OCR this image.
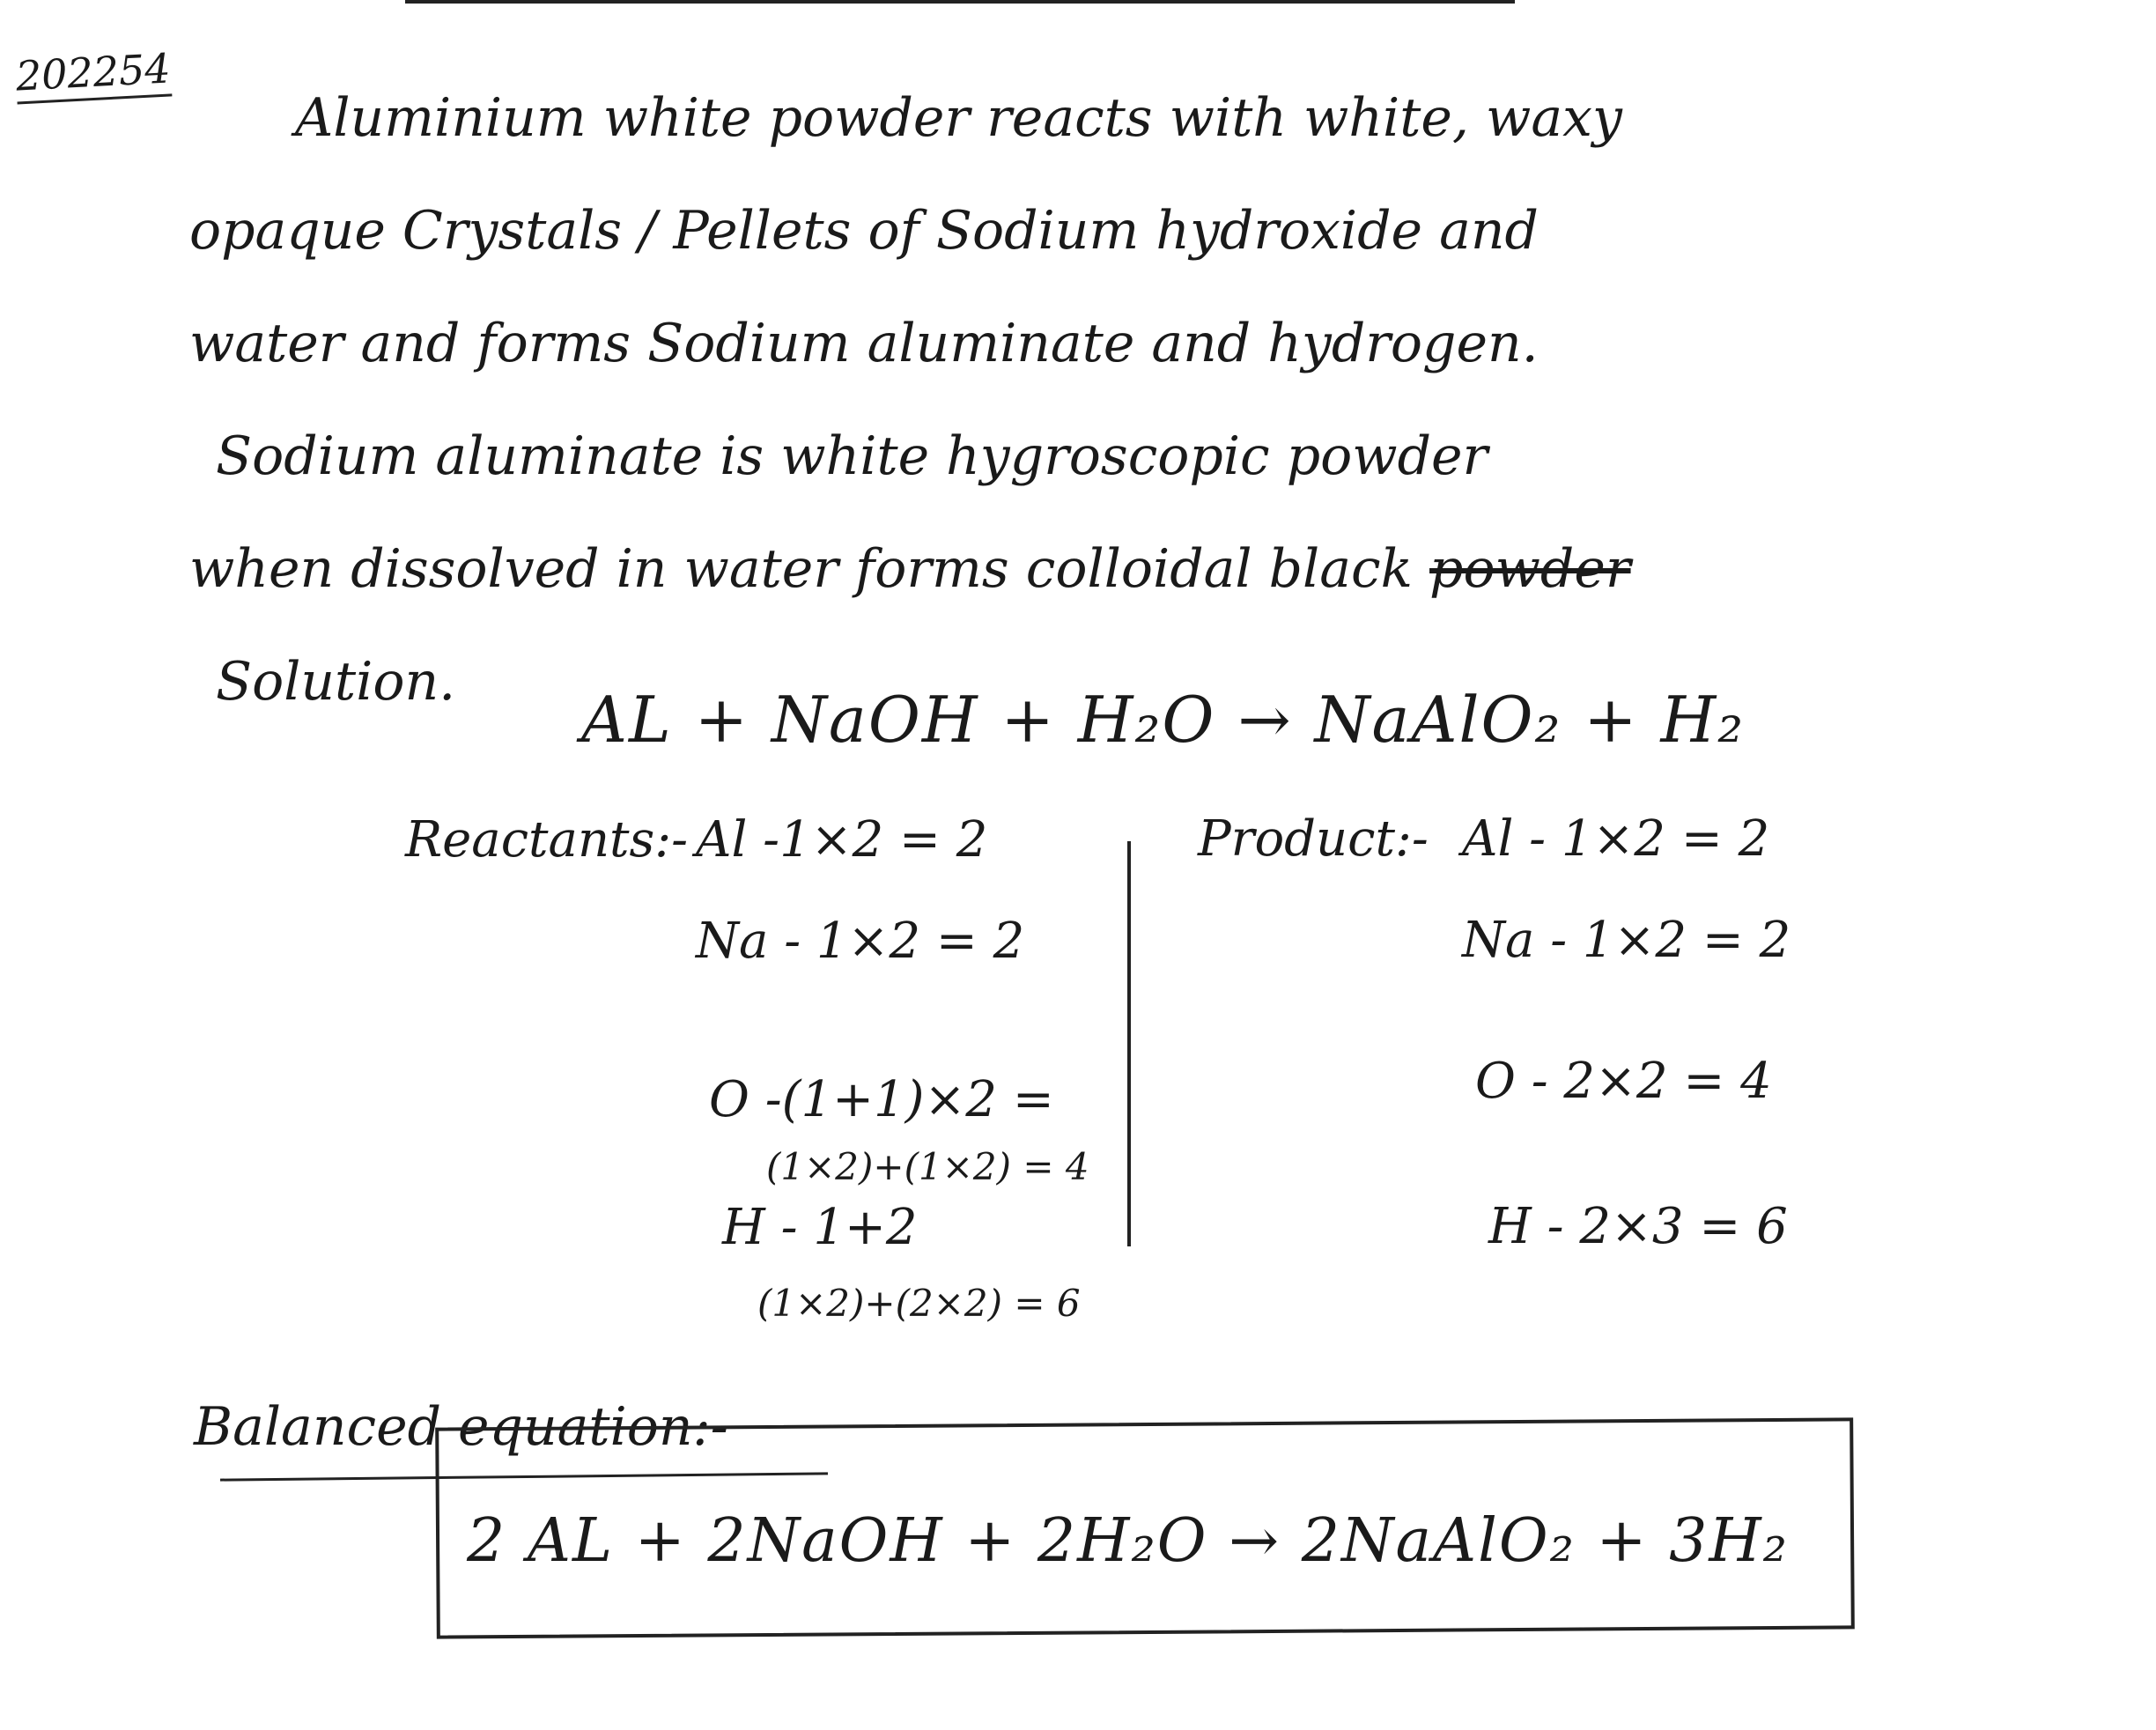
202254
Aluminium white powder reacts with white, waxy
opaque Crystals / Pellets of Sodium hydroxide and
water and forms Sodium aluminate and hydrogen.
Sodium aluminate is white hygroscopic powder
when dissolved in water forms colloidal black powder
Solution.
AL + NaOH + H₂O → NaAlO₂ + H₂
Reactants:- Al -1×2 = 2
Na - 1×2 = 2
O -(1+1)×2 =
(1×2)+(1×2) = 4
H - 1+2
(1×2)+(2×2) = 6
Product:- Al - 1×2 = 2
Na - 1×2 = 2
O - 2×2 = 4
H - 2×3 = 6
Balanced equation:-
2 AL + 2NaOH + 2H₂O → 2NaAlO₂ + 3H₂
